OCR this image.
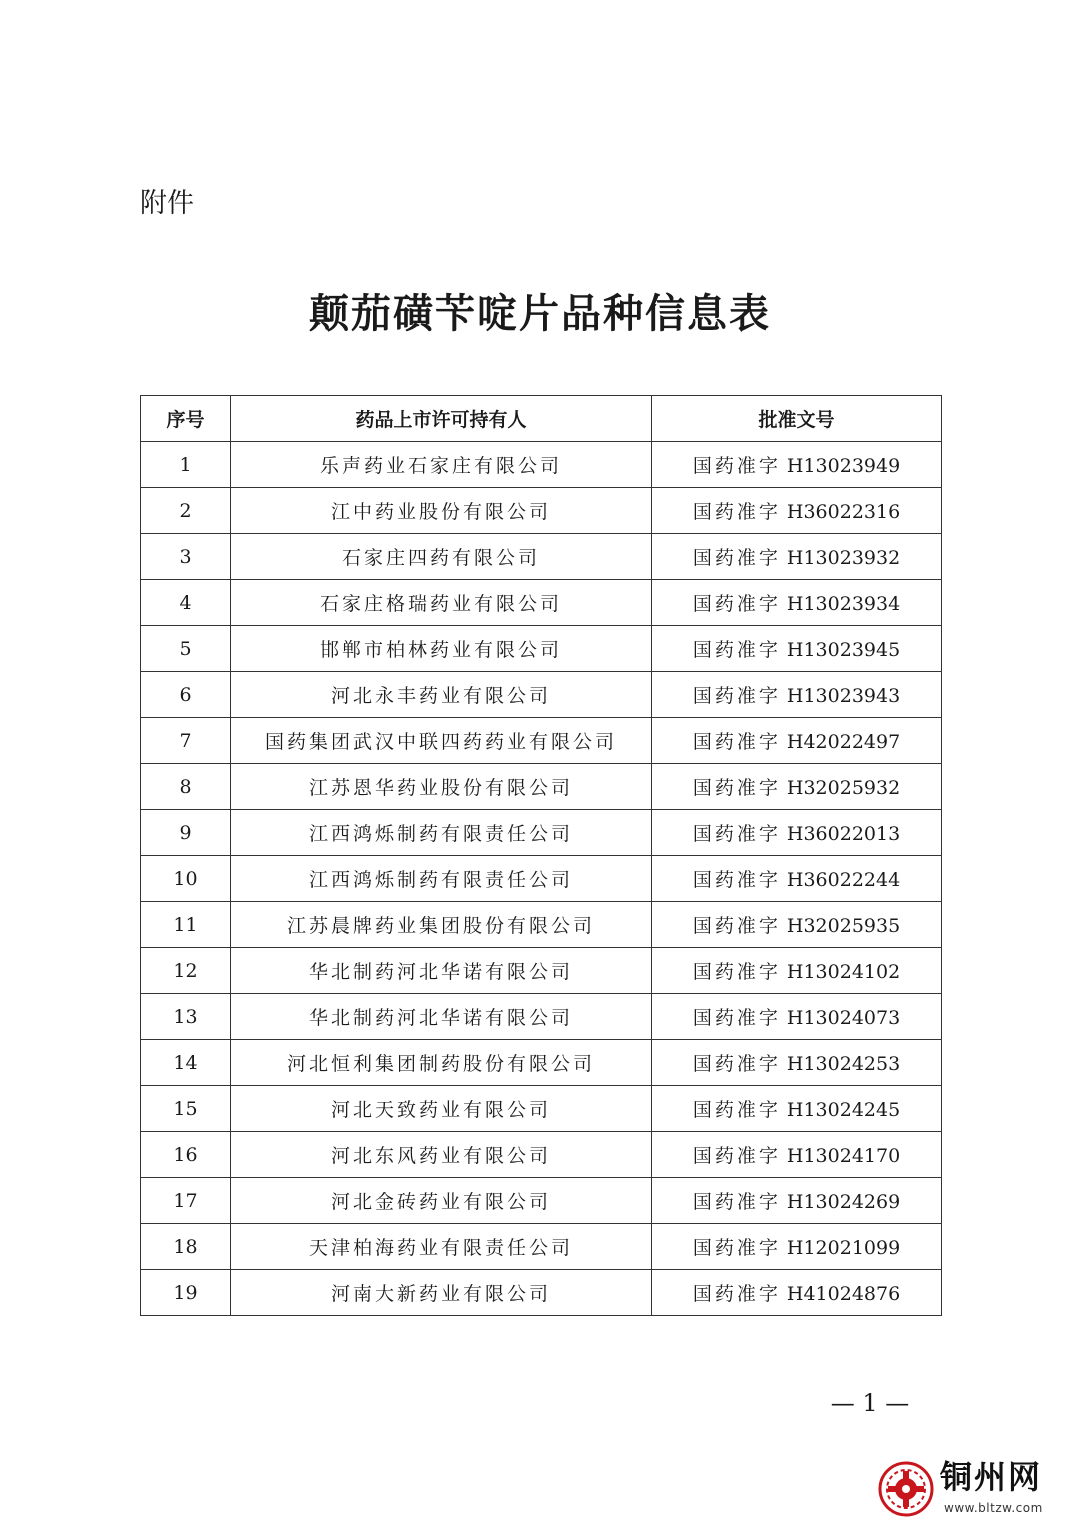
附件
颠茄磺苄啶片品种信息表
序号	药品上市许可持有人	批准文号
1	乐声药业石家庄有限公司	国药准字 H13023949
2	江中药业股份有限公司	国药准字 H36022316
3	石家庄四药有限公司	国药准字 H13023932
4	石家庄格瑞药业有限公司	国药准字 H13023934
5	邯郸市柏林药业有限公司	国药准字 H13023945
6	河北永丰药业有限公司	国药准字 H13023943
7	国药集团武汉中联四药药业有限公司	国药准字 H42022497
8	江苏恩华药业股份有限公司	国药准字 H32025932
9	江西鸿烁制药有限责任公司	国药准字 H36022013
10	江西鸿烁制药有限责任公司	国药准字 H36022244
11	江苏晨牌药业集团股份有限公司	国药准字 H32025935
12	华北制药河北华诺有限公司	国药准字 H13024102
13	华北制药河北华诺有限公司	国药准字 H13024073
14	河北恒利集团制药股份有限公司	国药准字 H13024253
15	河北天致药业有限公司	国药准字 H13024245
16	河北东风药业有限公司	国药准字 H13024170
17	河北金砖药业有限公司	国药准字 H13024269
18	天津柏海药业有限责任公司	国药准字 H12021099
19	河南大新药业有限公司	国药准字 H41024876
— 1 —
铜州网
www.bltzw.com
